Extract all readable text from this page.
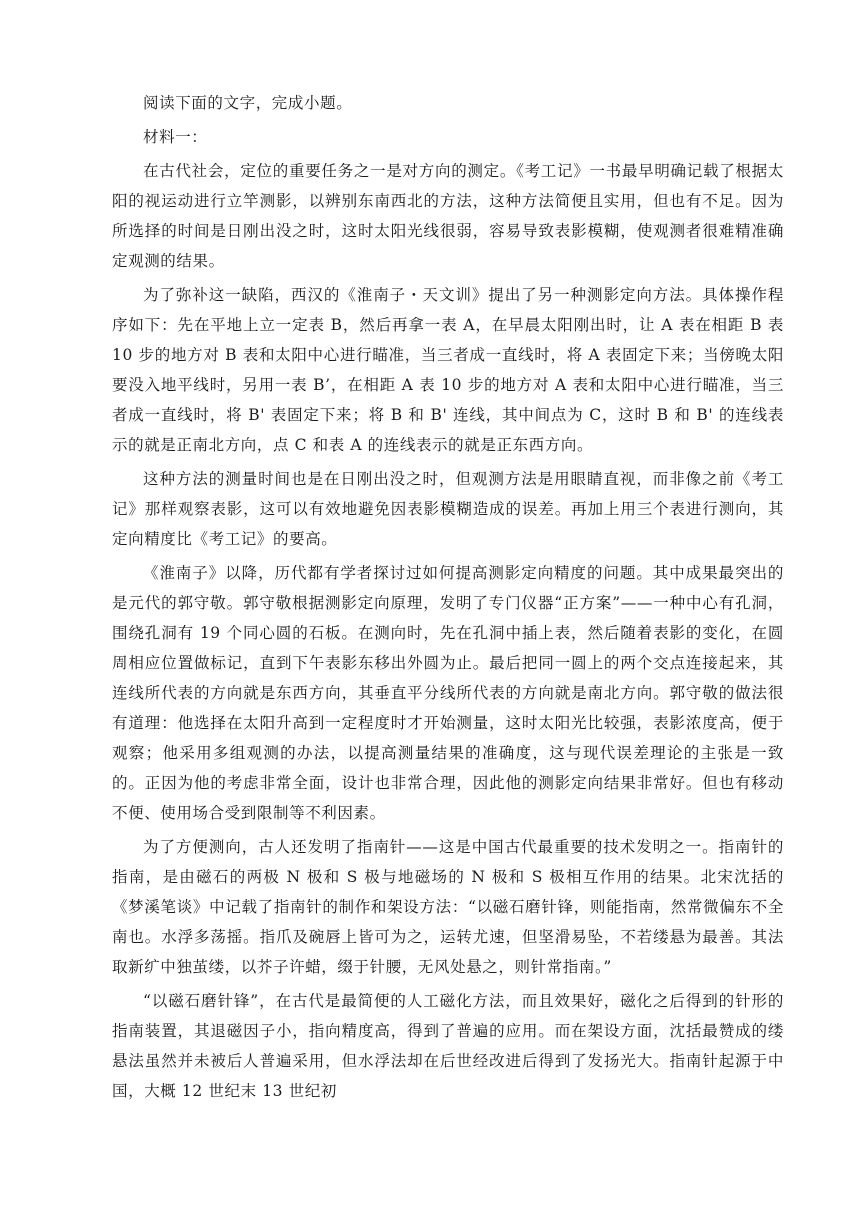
阅读下面的文字，完成小题。

材料一：

在古代社会，定位的重要任务之一是对方向的测定。《考工记》一书最早明确记载了根据太阳的视运动进行立竿测影，以辨别东南西北的方法，这种方法简便且实用，但也有不足。因为所选择的时间是日刚出没之时，这时太阳光线很弱，容易导致表影模糊，使观测者很难精准确定观测的结果。

为了弥补这一缺陷，西汉的《淮南子・天文训》提出了另一种测影定向方法。具体操作程序如下：先在平地上立一定表 B，然后再拿一表 A，在早晨太阳刚出时，让 A 表在相距 B 表 10 步的地方对 B 表和太阳中心进行瞄准，当三者成一直线时，将 A 表固定下来；当傍晚太阳要没入地平线时，另用一表 B’，在相距 A 表 10 步的地方对 A 表和太阳中心进行瞄准，当三者成一直线时，将 B' 表固定下来；将 B 和 B' 连线，其中间点为 C，这时 B 和 B' 的连线表示的就是正南北方向，点 C 和表 A 的连线表示的就是正东西方向。

这种方法的测量时间也是在日刚出没之时，但观测方法是用眼睛直视，而非像之前《考工记》那样观察表影，这可以有效地避免因表影模糊造成的误差。再加上用三个表进行测向，其定向精度比《考工记》的要高。

《淮南子》以降，历代都有学者探讨过如何提高测影定向精度的问题。其中成果最突出的是元代的郭守敬。郭守敬根据测影定向原理，发明了专门仪器“正方案”——一种中心有孔洞，围绕孔洞有 19 个同心圆的石板。在测向时，先在孔洞中插上表，然后随着表影的变化，在圆周相应位置做标记，直到下午表影东移出外圆为止。最后把同一圆上的两个交点连接起来，其连线所代表的方向就是东西方向，其垂直平分线所代表的方向就是南北方向。郭守敬的做法很有道理：他选择在太阳升高到一定程度时才开始测量，这时太阳光比较强，表影浓度高，便于观察；他采用多组观测的办法，以提高测量结果的准确度，这与现代误差理论的主张是一致的。正因为他的考虑非常全面，设计也非常合理，因此他的测影定向结果非常好。但也有移动不便、使用场合受到限制等不利因素。

为了方便测向，古人还发明了指南针——这是中国古代最重要的技术发明之一。指南针的指南，是由磁石的两极 N 极和 S 极与地磁场的 N 极和 S 极相互作用的结果。北宋沈括的《梦溪笔谈》中记载了指南针的制作和架设方法：“以磁石磨针锋，则能指南，然常微偏东不全南也。水浮多荡摇。指爪及碗唇上皆可为之，运转尤速，但坚滑易坠，不若缕悬为最善。其法取新纩中独茧缕，以芥子许蜡，缀于针腰，无风处悬之，则针常指南。”

“以磁石磨针锋”，在古代是最简便的人工磁化方法，而且效果好，磁化之后得到的针形的指南装置，其退磁因子小，指向精度高，得到了普遍的应用。而在架设方面，沈括最赞成的缕悬法虽然并未被后人普遍采用，但水浮法却在后世经改进后得到了发扬光大。指南针起源于中国，大概 12 世纪末 13 世纪初
